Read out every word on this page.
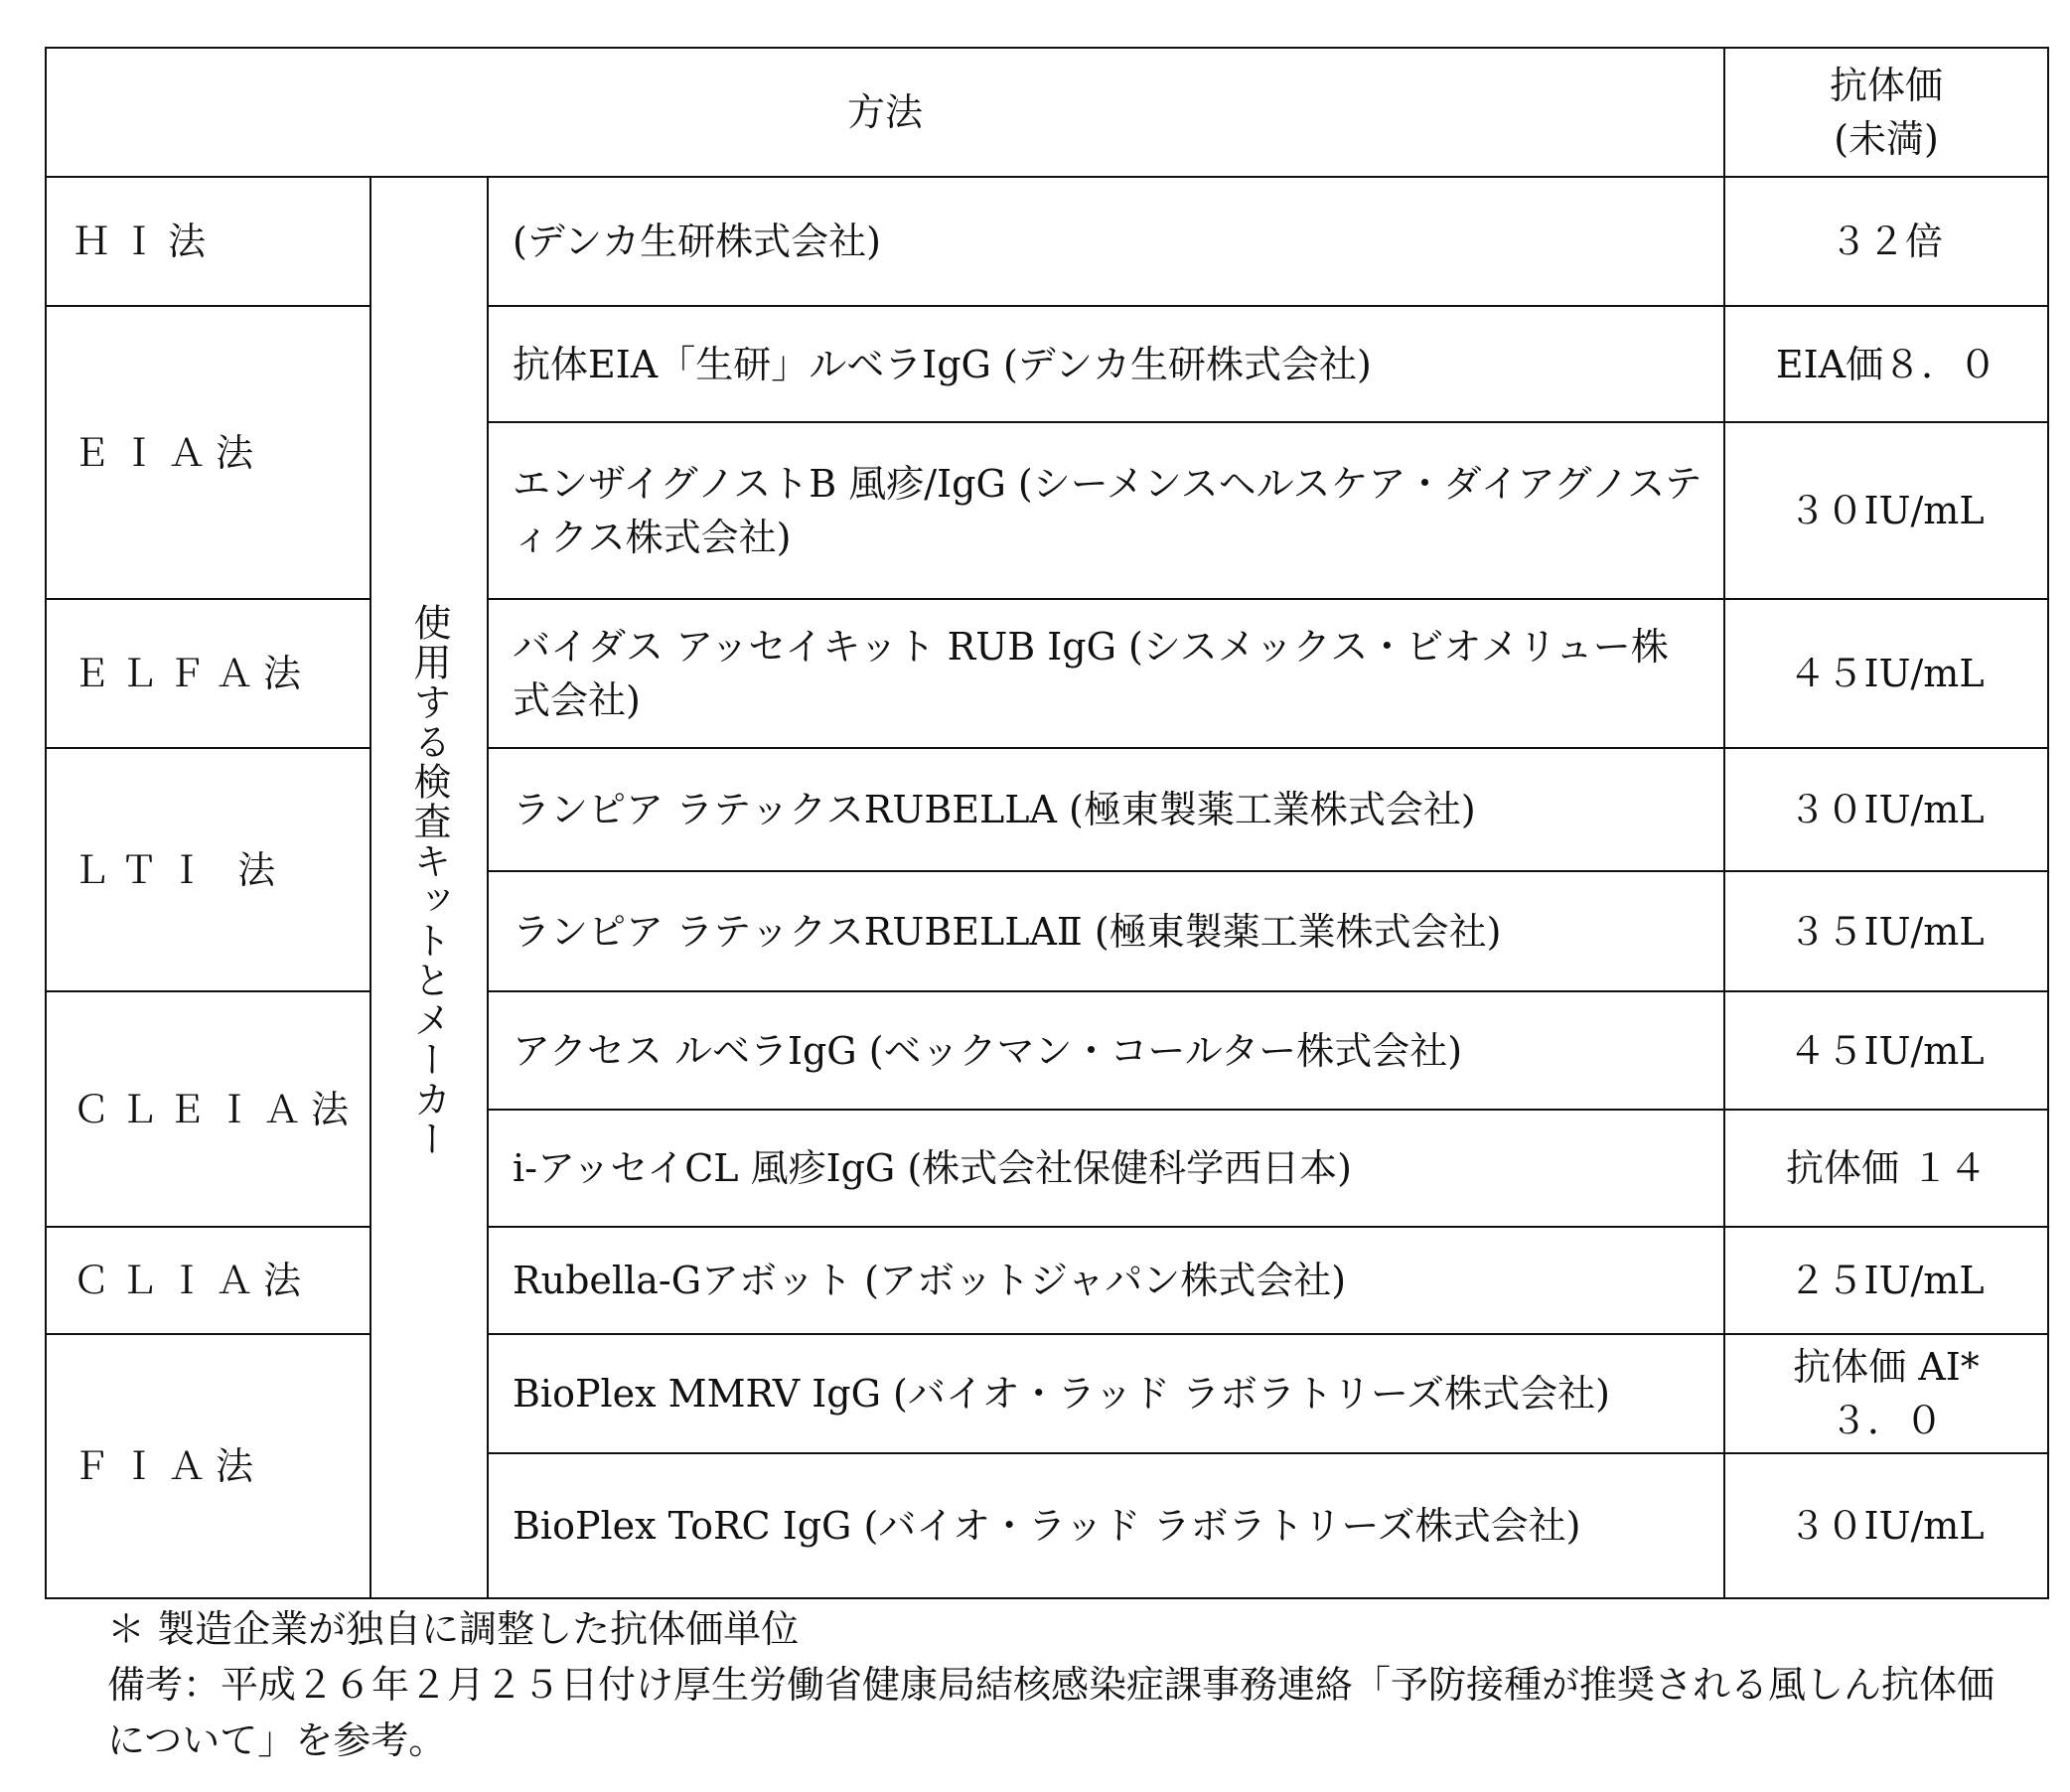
方法			抗体価
(未満)

ＨＩ法	使用する検査キットとメーカー	(デンカ生研株式会社)	３２倍
ＥＩＡ法		抗体EIA「生研」ルベラIgG (デンカ生研株式会社)	EIA価８．０
		エンザイグノストB 風疹/IgG (シーメンスヘルスケア・ダイアグノスティクス株式会社)	３０IU/mL
ＥＬＦＡ法		バイダス アッセイキット RUB IgG (シスメックス・ビオメリュー株式会社)	４５IU/mL
ＬＴＩ 法		ランピア ラテックスRUBELLA (極東製薬工業株式会社)	３０IU/mL
		ランピア ラテックスRUBELLAⅡ (極東製薬工業株式会社)	３５IU/mL
ＣＬＥＩＡ法		アクセス ルベラIgG (ベックマン・コールター株式会社)	４５IU/mL
		i-アッセイCL 風疹IgG (株式会社保健科学西日本)	抗体価 １４
ＣＬＩＡ法		Rubella-Gアボット (アボットジャパン株式会社)	２５IU/mL
ＦＩＡ法		BioPlex MMRV IgG (バイオ・ラッド ラボラトリーズ株式会社)	抗体価 AI*
３．０

		BioPlex ToRC IgG (バイオ・ラッド ラボラトリーズ株式会社)	３０IU/mL

＊ 製造企業が独自に調整した抗体価単位

備考：平成２６年２月２５日付け厚生労働省健康局結核感染症課事務連絡「予防接種が推奨される風しん抗体価について」を参考。
